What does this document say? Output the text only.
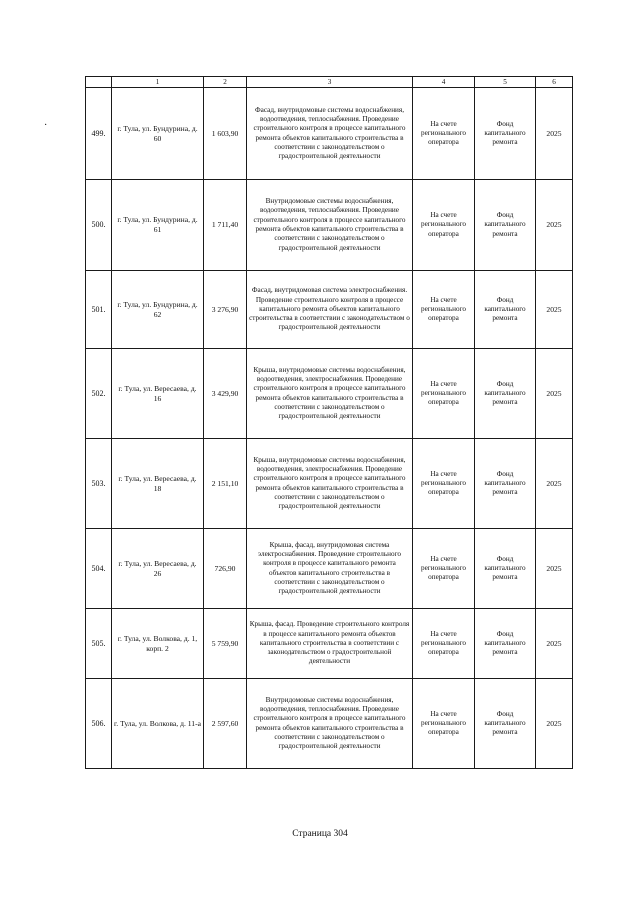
·
	1	2	3	4	5	6
499.	г. Тула, ул. Бундурина, д. 60	1 603,90	Фасад, внутридомовые системы водоснабжения, водоотведения, теплоснабжения. Проведение строительного контроля в процессе капитального ремонта объектов капитального строительства в соответствии с законодательством о градостроительной деятельности	На счете регионального оператора	Фонд капитального ремонта	2025
500.	г. Тула, ул. Бундурина, д. 61	1 711,40	Внутридомовые системы водоснабжения, водоотведения, теплоснабжения. Проведение строительного контроля в процессе капитального ремонта объектов капитального строительства в соответствии с законодательством о градостроительной деятельности	На счете регионального оператора	Фонд капитального ремонта	2025
501.	г. Тула, ул. Бундурина, д. 62	3 276,90	Фасад, внутридомовая система электроснабжения. Проведение строительного контроля в процессе капитального ремонта объектов капитального строительства в соответствии с законодательством о градостроительной деятельности	На счете регионального оператора	Фонд капитального ремонта	2025
502.	г. Тула, ул. Вересаева, д. 16	3 429,90	Крыша, внутридомовые системы водоснабжения, водоотведения, электроснабжения. Проведение строительного контроля в процессе капитального ремонта объектов капитального строительства в соответствии с законодательством о градостроительной деятельности	На счете регионального оператора	Фонд капитального ремонта	2025
503.	г. Тула, ул. Вересаева, д. 18	2 151,10	Крыша, внутридомовые системы водоснабжения, водоотведения, электроснабжения. Проведение строительного контроля в процессе капитального ремонта объектов капитального строительства в соответствии с законодательством о градостроительной деятельности	На счете регионального оператора	Фонд капитального ремонта	2025
504.	г. Тула, ул. Вересаева, д. 26	726,90	Крыша, фасад, внутридомовая система электроснабжения. Проведение строительного контроля в процессе капитального ремонта объектов капитального строительства в соответствии с законодательством о градостроительной деятельности	На счете регионального оператора	Фонд капитального ремонта	2025
505.	г. Тула, ул. Волкова, д. 1, корп. 2	5 759,90	Крыша, фасад. Проведение строительного контроля в процессе капитального ремонта объектов капитального строительства в соответствии с законодательством о градостроительной деятельности	На счете регионального оператора	Фонд капитального ремонта	2025
506.	г. Тула, ул. Волкова, д. 11-а	2 597,60	Внутридомовые системы водоснабжения, водоотведения, теплоснабжения. Проведение строительного контроля в процессе капитального ремонта объектов капитального строительства в соответствии с законодательством о градостроительной деятельности	На счете регионального оператора	Фонд капитального ремонта	2025
Страница 304
